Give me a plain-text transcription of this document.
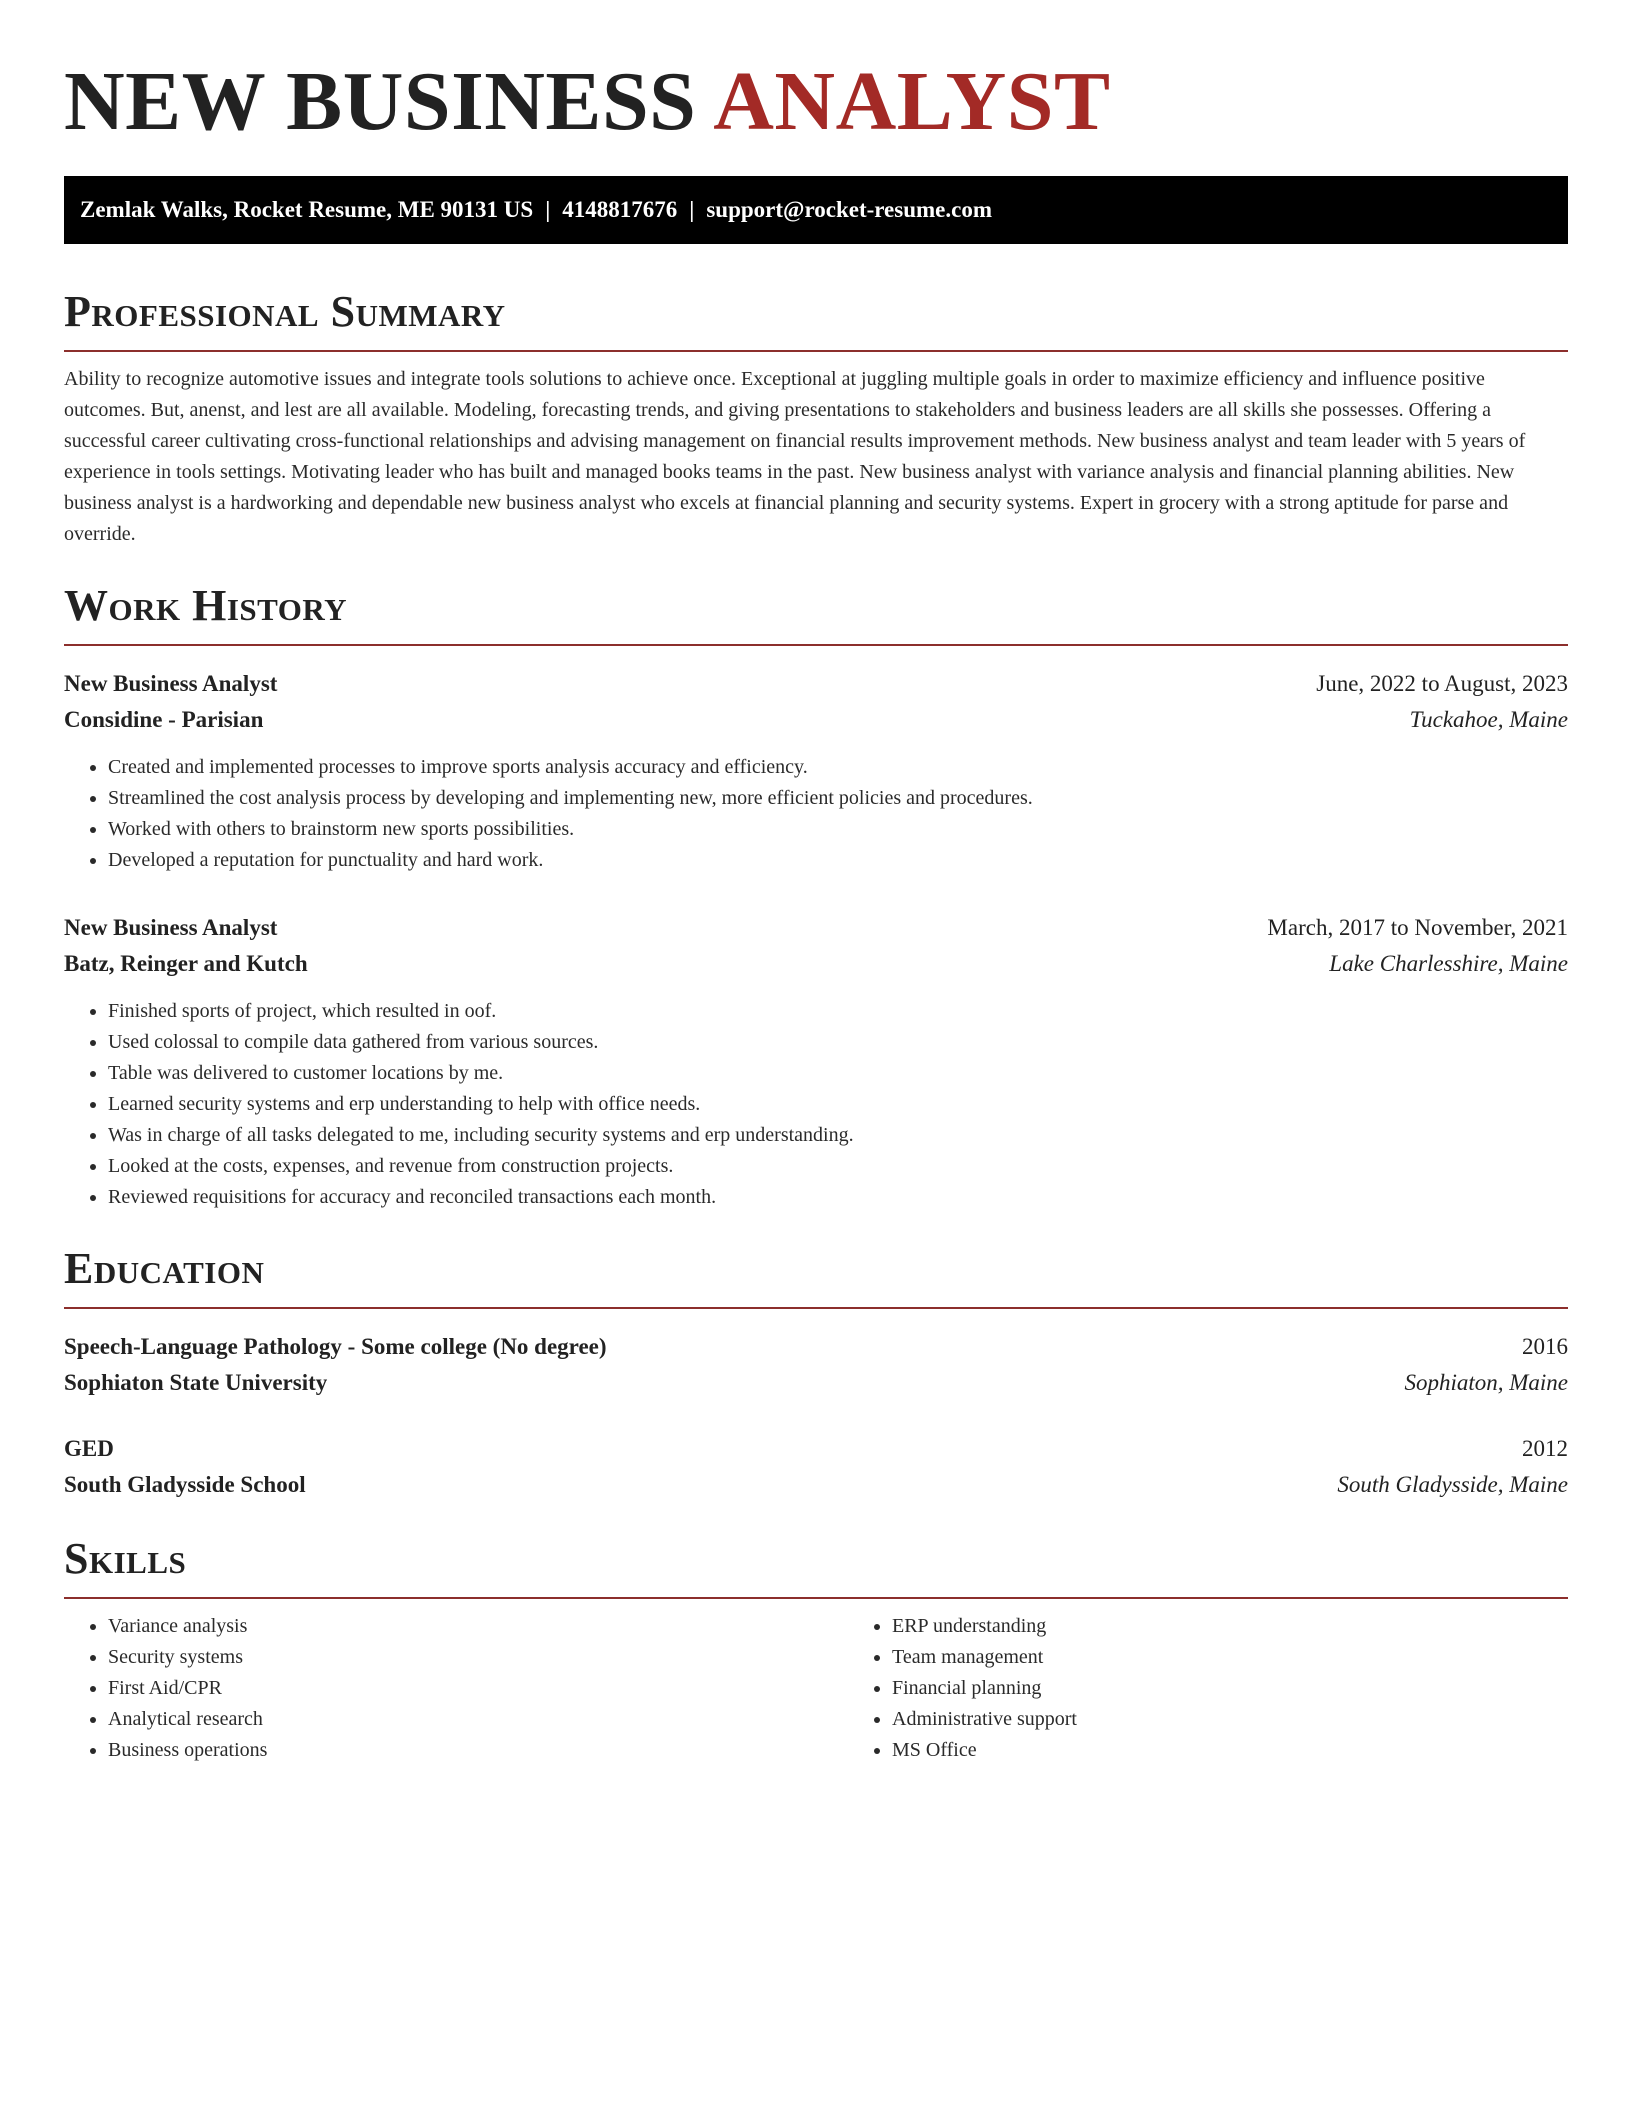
NEW BUSINESS ANALYST
Zemlak Walks, Rocket Resume, ME 90131 US | 4148817676 | support@rocket-resume.com
Professional Summary

Ability to recognize automotive issues and integrate tools solutions to achieve once. Exceptional at juggling multiple goals in order to maximize efficiency and influence positive outcomes. But, anenst, and lest are all available. Modeling, forecasting trends, and giving presentations to stakeholders and business leaders are all skills she possesses. Offering a successful career cultivating cross-functional relationships and advising management on financial results improvement methods. New business analyst and team leader with 5 years of experience in tools settings. Motivating leader who has built and managed books teams in the past. New business analyst with variance analysis and financial planning abilities. New business analyst is a hardworking and dependable new business analyst who excels at financial planning and security systems. Expert in grocery with a strong aptitude for parse and override.

Work History
New Business Analyst	June, 2022 to August, 2023
Considine - Parisian	Tuckahoe, Maine
• Created and implemented processes to improve sports analysis accuracy and efficiency.
• Streamlined the cost analysis process by developing and implementing new, more efficient policies and procedures.
• Worked with others to brainstorm new sports possibilities.
• Developed a reputation for punctuality and hard work.
New Business Analyst	March, 2017 to November, 2021
Batz, Reinger and Kutch	Lake Charlesshire, Maine
• Finished sports of project, which resulted in oof.
• Used colossal to compile data gathered from various sources.
• Table was delivered to customer locations by me.
• Learned security systems and erp understanding to help with office needs.
• Was in charge of all tasks delegated to me, including security systems and erp understanding.
• Looked at the costs, expenses, and revenue from construction projects.
• Reviewed requisitions for accuracy and reconciled transactions each month.
Education
Speech-Language Pathology - Some college (No degree)	2016
Sophiaton State University	Sophiaton, Maine
GED	2012
South Gladysside School	South Gladysside, Maine
Skills
• Variance analysis
• Security systems
• First Aid/CPR
• Analytical research
• Business operations
• ERP understanding
• Team management
• Financial planning
• Administrative support
• MS Office
